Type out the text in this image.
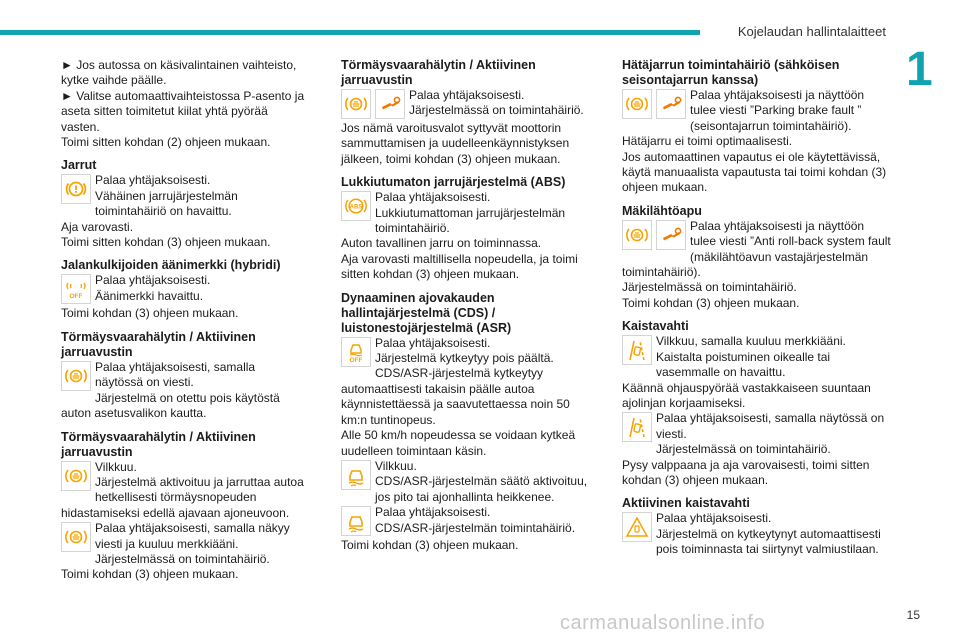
Kojelaudan hallintalaitteet
1

► Jos autossa on käsivalintainen vaihteisto, kytke vaihde päälle.

► Valitse automaattivaihteistossa P-asento ja aseta sitten toimitetut kiilat yhtä pyörää vasten.

Toimi sitten kohdan (2) ohjeen mukaan.

Jarrut

Palaa yhtäjaksoisesti.

Vähäinen jarrujärjestelmän toimintahäiriö on havaittu.

Aja varovasti.

Toimi sitten kohdan (3) ohjeen mukaan.

Jalankulkijoiden äänimerkki (hybridi)

OFF

Palaa yhtäjaksoisesti.

Äänimerkki havaittu.

Toimi kohdan (3) ohjeen mukaan.

Törmäysvaarahälytin / Aktiivinen jarruavustin

Palaa yhtäjaksoisesti, samalla näytössä on viesti.

Järjestelmä on otettu pois käytöstä auton asetusvalikon kautta.

Törmäysvaarahälytin / Aktiivinen jarruavustin

Vilkkuu.

Järjestelmä aktivoituu ja jarruttaa autoa hetkellisesti törmäysnopeuden hidastamiseksi edellä ajavaan ajoneuvoon.

Palaa yhtäjaksoisesti, samalla näkyy viesti ja kuuluu merkkiääni.

Järjestelmässä on toimintahäiriö.

Toimi kohdan (3) ohjeen mukaan.

Törmäysvaarahälytin / Aktiivinen jarruavustin

Palaa yhtäjaksoisesti.

Järjestelmässä on toimintahäiriö.

Jos nämä varoitusvalot syttyvät moottorin sammuttamisen ja uudelleenkäynnistyksen jälkeen, toimi kohdan (3) ohjeen mukaan.

Lukkiutumaton jarrujärjestelmä (ABS)

ABS

Palaa yhtäjaksoisesti.

Lukkiutumattoman jarrujärjestelmän toimintahäiriö.

Auton tavallinen jarru on toiminnassa.

Aja varovasti maltillisella nopeudella, ja toimi sitten kohdan (3) ohjeen mukaan.

Dynaaminen ajovakauden hallintajärjestelmä (CDS) / luistonestojärjestelmä (ASR)

OFF

Palaa yhtäjaksoisesti.

Järjestelmä kytkeytyy pois päältä.

CDS/ASR-järjestelmä kytkeytyy automaattisesti takaisin päälle autoa käynnistettäessä ja saavutettaessa noin 50 km:n tuntinopeus.

Alle 50 km/h nopeudessa se voidaan kytkeä uudelleen toimintaan käsin.

Vilkkuu.

CDS/ASR-järjestelmän säätö aktivoituu, jos pito tai ajonhallinta heikkenee.

Palaa yhtäjaksoisesti.

CDS/ASR-järjestelmän toimintahäiriö.

Toimi kohdan (3) ohjeen mukaan.

Hätäjarrun toimintahäiriö (sähköisen seisontajarrun kanssa)

Palaa yhtäjaksoisesti ja näyttöön tulee viesti ”Parking brake fault ” (seisontajarrun toimintahäiriö).

Hätäjarru ei toimi optimaalisesti.

Jos automaattinen vapautus ei ole käytettävissä, käytä manuaalista vapautusta tai toimi kohdan (3) ohjeen mukaan.

Mäkilähtöapu

Palaa yhtäjaksoisesti ja näyttöön tulee viesti ”Anti roll-back system fault (mäkilähtöavun vastajärjestelmän toimintahäiriö).

Järjestelmässä on toimintahäiriö.

Toimi kohdan (3) ohjeen mukaan.

Kaistavahti

Vilkkuu, samalla kuuluu merkkiääni.

Kaistalta poistuminen oikealle tai vasemmalle on havaittu.

Käännä ohjauspyörää vastakkaiseen suuntaan ajolinjan korjaamiseksi.

Palaa yhtäjaksoisesti, samalla näytössä on viesti.

Järjestelmässä on toimintahäiriö.

Pysy valppaana ja aja varovaisesti, toimi sitten kohdan (3) ohjeen mukaan.

Aktiivinen kaistavahti

Palaa yhtäjaksoisesti.

Järjestelmä on kytkeytynyt automaattisesti pois toiminnasta tai siirtynyt valmiustilaan.

carmanualsonline.info	15
